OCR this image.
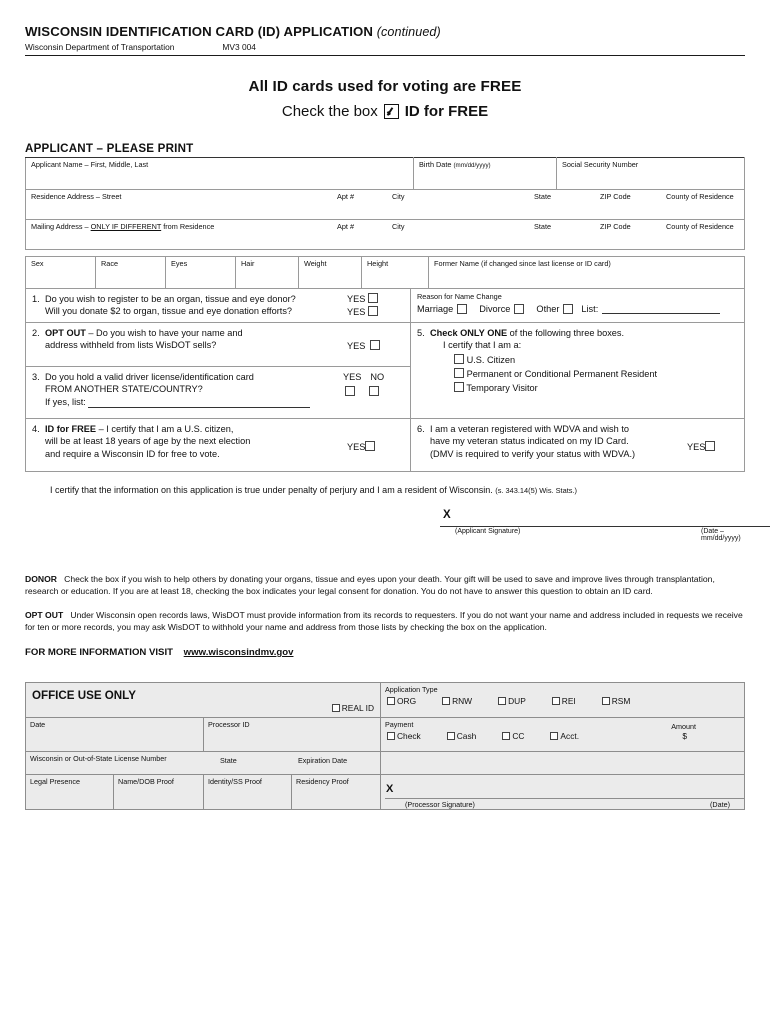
WISCONSIN IDENTIFICATION CARD (ID) APPLICATION (continued)
Wisconsin Department of Transportation	MV3 004
All ID cards used for voting are FREE
Check the box ID for FREE
APPLICANT – PLEASE PRINT
Applicant Name – First, Middle, Last	Birth Date (mm/dd/yyyy)	Social Security Number
Residence Address – Street	Apt #	City	State	ZIP Code	County of Residence
Mailing Address – ONLY IF DIFFERENT from Residence	Apt #	City	State	ZIP Code	County of Residence
Sex	Race	Eyes	Hair	Weight	Height	Former Name (if changed since last license or ID card)
1. Do you wish to register to be an organ, tissue and eye donor?
Will you donate $2 to organ, tissue and eye donation efforts?
YES
YES
Reason for Name Change
Marriage	Divorce	Other List:
2. OPT OUT – Do you wish to have your name and
address withheld from lists WisDOT sells?	YES
3. Do you hold a valid driver license/identification card
FROM ANOTHER STATE/COUNTRY?
If yes, list:
YES NO
4. ID for FREE – I certify that I am a U.S. citizen,
will be at least 18 years of age by the next election
and require a Wisconsin ID for free to vote.
YES
5. Check ONLY ONE of the following three boxes.
I certify that I am a:
U.S. Citizen
Permanent or Conditional Permanent Resident
Temporary Visitor
6. I am a veteran registered with WDVA and wish to
have my veteran status indicated on my ID Card.
(DMV is required to verify your status with WDVA.)
YES
I certify that the information on this application is true under penalty of perjury and I am a resident of Wisconsin. (s. 343.14(5) Wis. Stats.)
X
(Applicant Signature)	(Date – mm/dd/yyyy)
DONOR Check the box if you wish to help others by donating your organs, tissue and eyes upon your death. Your gift will be used to save and improve lives through transplantation, research or education. If you are at least 18, checking the box indicates your legal consent for donation. You do not have to answer this question to obtain an ID card.
OPT OUT Under Wisconsin open records laws, WisDOT must provide information from its records to requesters. If you do not want your name and address included in requests we receive for ten or more records, you may ask WisDOT to withhold your name and address from those lists by checking the box on the application.
FOR MORE INFORMATION VISIT www.wisconsindmv.gov
OFFICE USE ONLY
REAL ID
Application Type
ORG	RNW	DUP	REI	RSM
Date	Processor ID	Payment
Check	Cash	CC	Acct.
Amount
$
Wisconsin or Out-of-State License Number	State	Expiration Date
Legal Presence	Name/DOB Proof	Identity/SS Proof	Residency Proof
X
(Processor Signature)	(Date)
